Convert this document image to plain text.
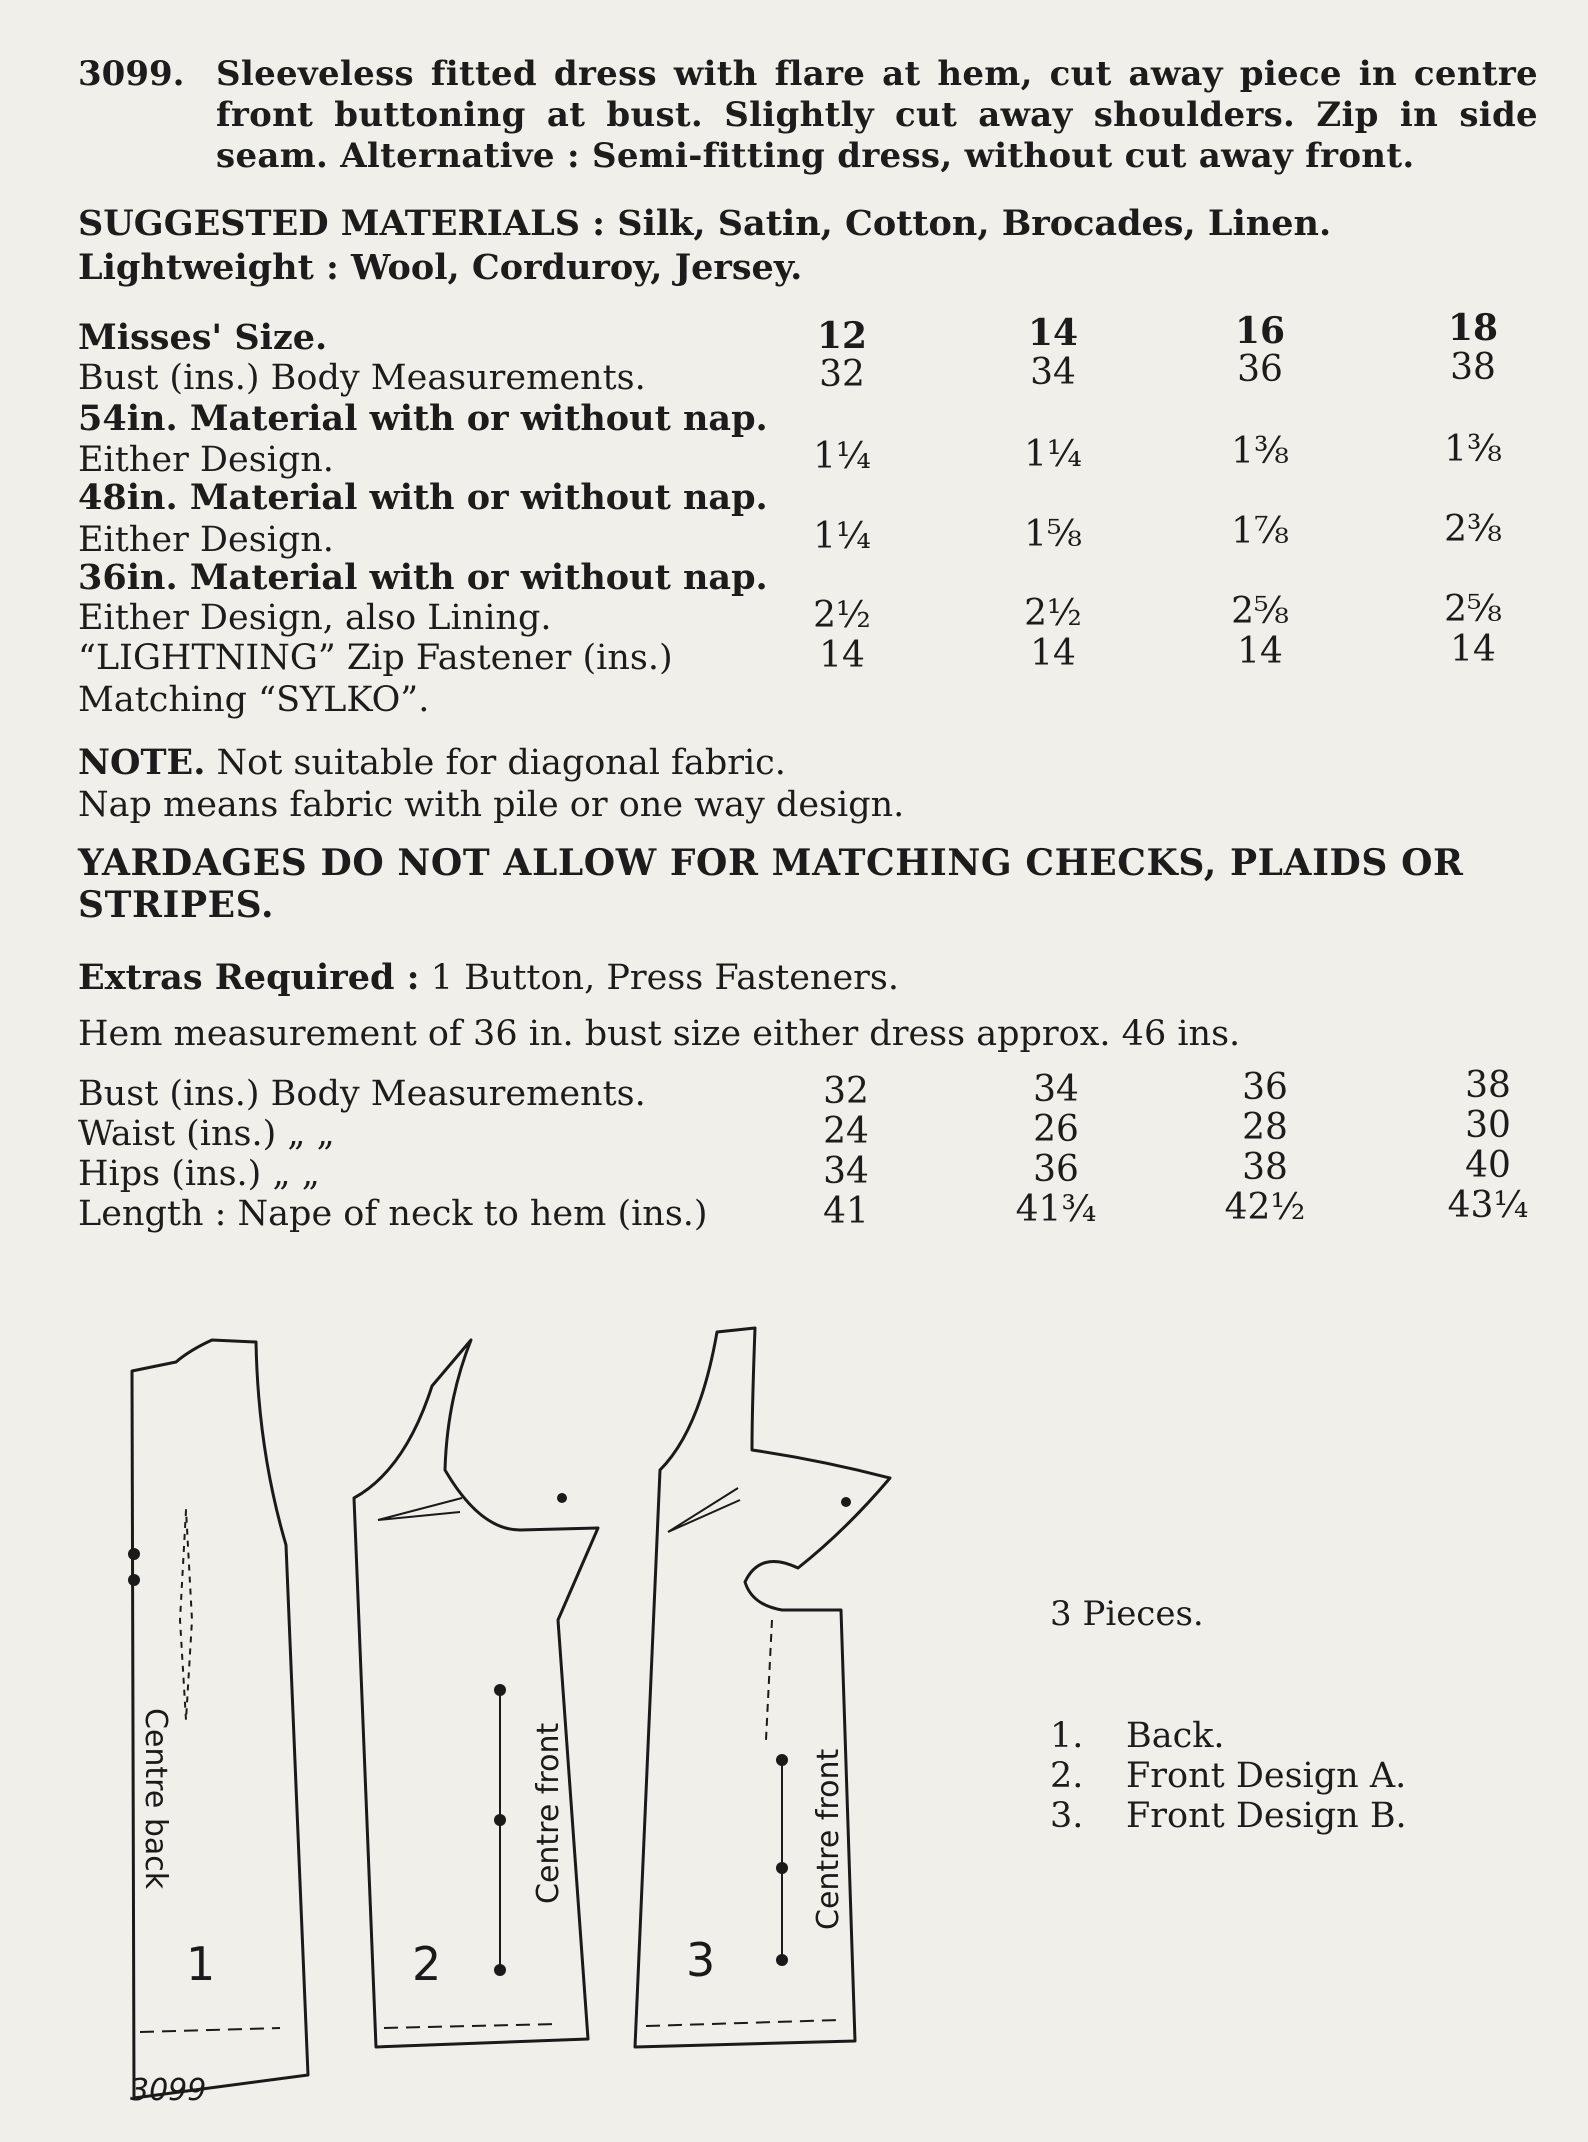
3099. Sleeveless fitted dress with flare at hem, cut away piece in centre front buttoning at bust. Slightly cut away shoulders. Zip in side seam. Alternative : Semi-fitting dress, without cut away front.
SUGGESTED MATERIALS : Silk, Satin, Cotton, Brocades, Linen.
Lightweight : Wool, Corduroy, Jersey.
Misses' Size.	12	14	16	18
Bust (ins.) Body Measurements.	32	34	36	38
54in. Material with or without nap.
Either Design.	1¼	1¼	1⅜	1⅜
48in. Material with or without nap.
Either Design.	1¼	1⅝	1⅞	2⅜
36in. Material with or without nap.
Either Design, also Lining.	2½	2½	2⅝	2⅝
“LIGHTNING” Zip Fastener (ins.)	14	14	14	14
Matching “SYLKO”.
NOTE. Not suitable for diagonal fabric.
Nap means fabric with pile or one way design.
YARDAGES DO NOT ALLOW FOR MATCHING CHECKS, PLAIDS OR STRIPES.
Extras Required : 1 Button, Press Fasteners.
Hem measurement of 36 in. bust size either dress approx. 46 ins.
Bust (ins.) Body Measurements.	32	34	36	38
Waist (ins.) „ „	24	26	28	30
Hips (ins.) „ „	34	36	38	40
Length : Nape of neck to hem (ins.)	41	41¾	42½	43¼
Centre back	Centre front	Centre front
1	2	3
3099
3 Pieces.
1. Back.
2. Front Design A.
3. Front Design B.
